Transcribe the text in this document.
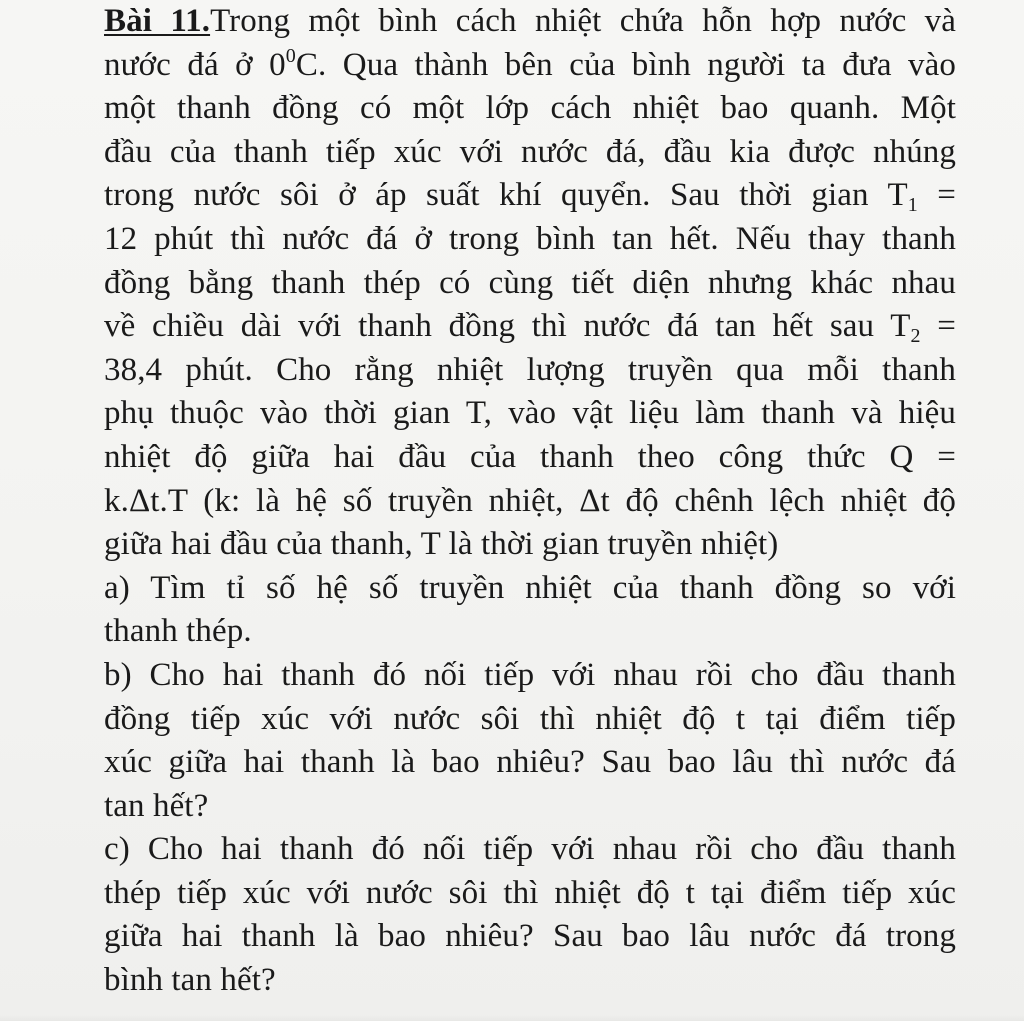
Bài 11.Trong một bình cách nhiệt chứa hỗn hợp nước và
nước đá ở $0^0C$. Qua thành bên của bình người ta đưa vào
một thanh đồng có một lớp cách nhiệt bao quanh. Một
đầu của thanh tiếp xúc với nước đá, đầu kia được nhúng
trong nước sôi ở áp suất khí quyển. Sau thời gian $T_1$ =
12 phút thì nước đá ở trong bình tan hết. Nếu thay thanh
đồng bằng thanh thép có cùng tiết diện nhưng khác nhau
về chiều dài với thanh đồng thì nước đá tan hết sau $T_2$ =
38,4 phút. Cho rằng nhiệt lượng truyền qua mỗi thanh
phụ thuộc vào thời gian T, vào vật liệu làm thanh và hiệu
nhiệt độ giữa hai đầu của thanh theo công thức Q =
k.Δt.T (k: là hệ số truyền nhiệt, Δt độ chênh lệch nhiệt độ
giữa hai đầu của thanh, T là thời gian truyền nhiệt)
a) Tìm tỉ số hệ số truyền nhiệt của thanh đồng so với
thanh thép.
b) Cho hai thanh đó nối tiếp với nhau rồi cho đầu thanh
đồng tiếp xúc với nước sôi thì nhiệt độ t tại điểm tiếp
xúc giữa hai thanh là bao nhiêu? Sau bao lâu thì nước đá
tan hết?
c) Cho hai thanh đó nối tiếp với nhau rồi cho đầu thanh
thép tiếp xúc với nước sôi thì nhiệt độ t tại điểm tiếp xúc
giữa hai thanh là bao nhiêu? Sau bao lâu nước đá trong
bình tan hết?
